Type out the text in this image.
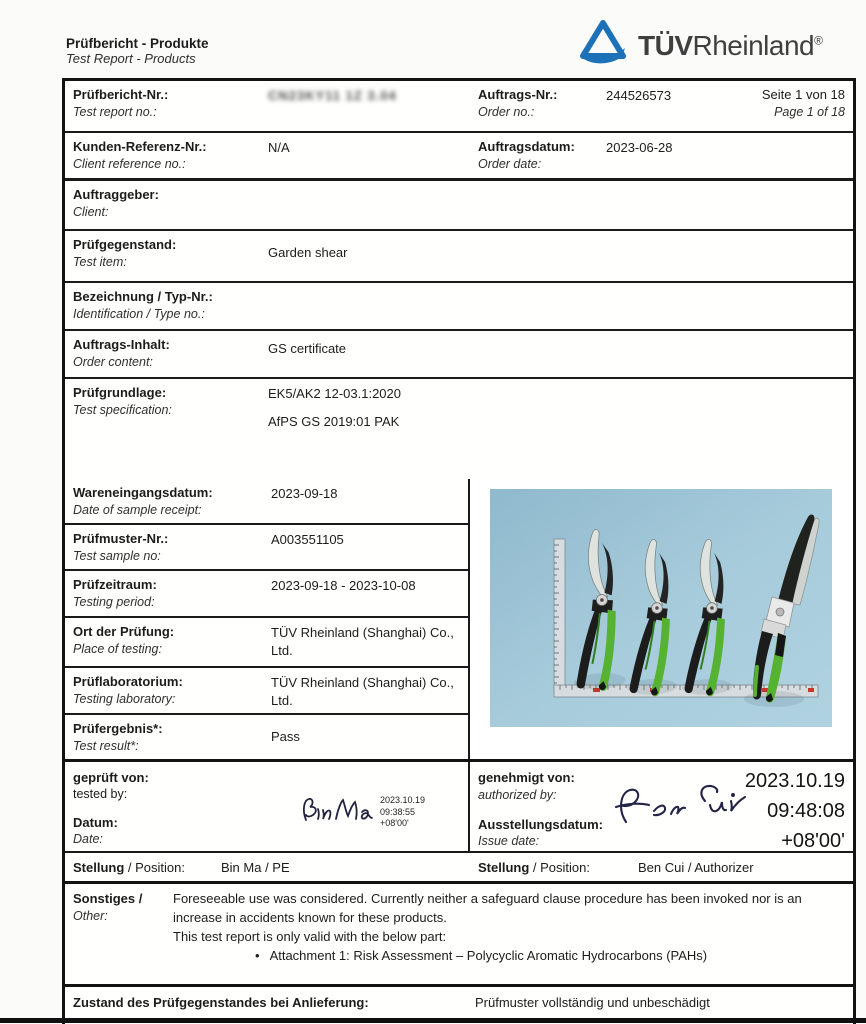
Prüfbericht - Produkte
Test Report - Products	TÜVRheinland®
Prüfbericht-Nr.:
Test report no.:
CN23KY11 1Z 3.04	Auftrags-Nr.:
Order no.:
244526573	Seite 1 von 18
Page 1 of 18
Kunden-Referenz-Nr.:
Client reference no.:
N/A	Auftragsdatum:
Order date:
2023-06-28
Auftraggeber:
Client:
Prüfgegenstand:
Test item:
Garden shear
Bezeichnung / Typ-Nr.:
Identification / Type no.:
Auftrags-Inhalt:
Order content:
GS certificate
Prüfgrundlage:
Test specification:
EK5/AK2 12-03.1:2020
AfPS GS 2019:01 PAK
Wareneingangsdatum:
Date of sample receipt:
2023-09-18
Prüfmuster-Nr.:
Test sample no:
A003551105
Prüfzeitraum:
Testing period:
2023-09-18 - 2023-10-08
Ort der Prüfung:
Place of testing:
TÜV Rheinland (Shanghai) Co., Ltd.
Prüflaboratorium:
Testing laboratory:
TÜV Rheinland (Shanghai) Co., Ltd.
Prüfergebnis*:
Test result*:
Pass
geprüft von:
tested by:
Datum:
Date:
2023.10.19
09:38:55
+08'00'
genehmigt von:
authorized by:
Ausstellungsdatum:
Issue date:
2023.10.19
09:48:08
+08'00'
Stellung / Position:	Bin Ma / PE	Stellung / Position:	Ben Cui / Authorizer
Sonstiges /
Other:
Foreseeable use was considered. Currently neither a safeguard clause procedure has been invoked nor is an increase in accidents known for these products.
This test report is only valid with the below part:
• Attachment 1: Risk Assessment – Polycyclic Aromatic Hydrocarbons (PAHs)
Zustand des Prüfgegenstandes bei Anlieferung:	Prüfmuster vollständig und unbeschädigt
